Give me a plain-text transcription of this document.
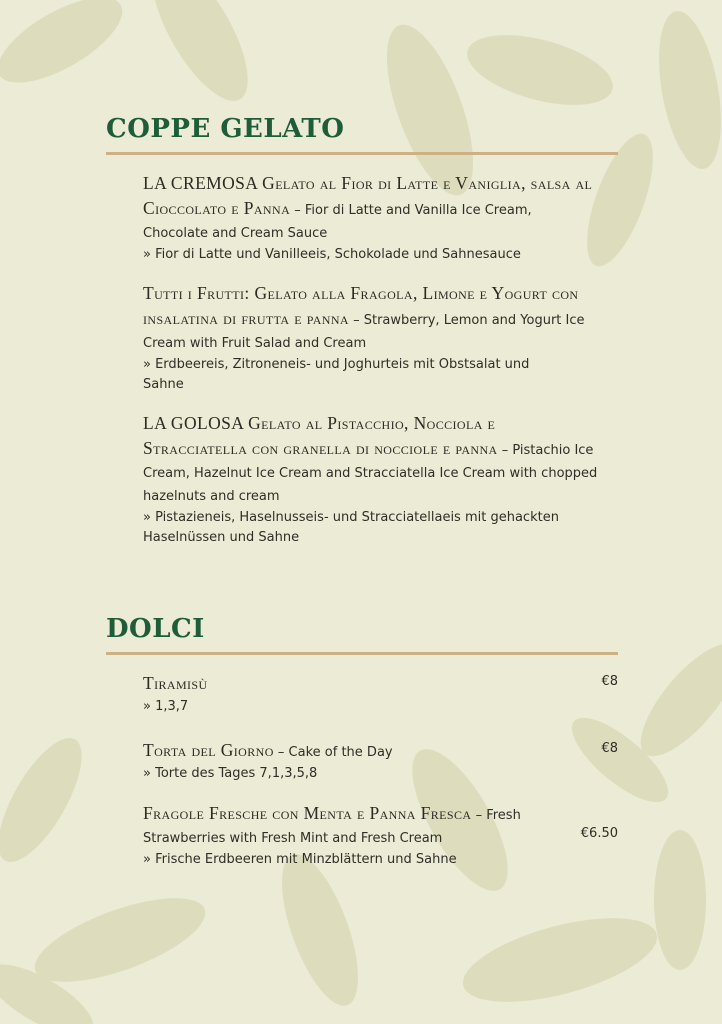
COPPE GELATO
LA CREMOSA Gelato al Fior di Latte e Vaniglia, salsa al Cioccolato e Panna – Fior di Latte and Vanilla Ice Cream, Chocolate and Cream Sauce
» Fior di Latte und Vanilleeis, Schokolade und Sahnesauce
Tutti i Frutti: Gelato alla Fragola, Limone e Yogurt con insalatina di frutta e panna – Strawberry, Lemon and Yogurt Ice Cream with Fruit Salad and Cream
» Erdbeereis, Zitroneneis- und Joghurteis mit Obstsalat und Sahne
LA GOLOSA Gelato al Pistacchio, Nocciola e Stracciatella con granella di nocciole e panna – Pistachio Ice Cream, Hazelnut Ice Cream and Stracciatella Ice Cream with chopped hazelnuts and cream
» Pistazieneis, Haselnusseis- und Stracciatellaeis mit gehackten Haselnüssen und Sahne
DOLCI
€8
Tiramisù
» 1,3,7
€8
Torta del Giorno – Cake of the Day
» Torte des Tages 7,1,3,5,8
€6.50
Fragole Fresche con Menta e Panna Fresca – Fresh Strawberries with Fresh Mint and Fresh Cream
» Frische Erdbeeren mit Minzblättern und Sahne
